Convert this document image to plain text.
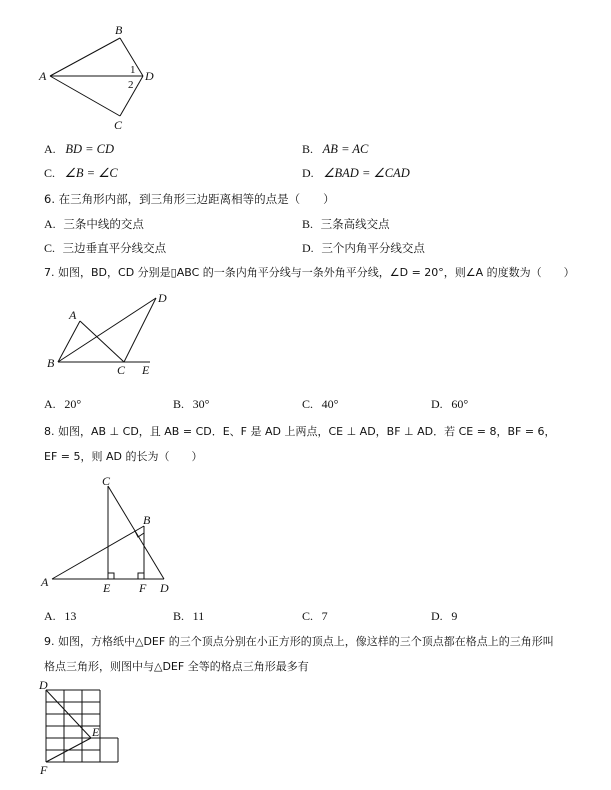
A
B
C
D
1
2
A. BD = CD	B. AB = AC
C. ∠B = ∠C	D. ∠BAD = ∠CAD
6. 在三角形内部，到三角形三边距离相等的点是（　　）
A. 三条中线的交点	B. 三条高线交点
C. 三边垂直平分线交点	D. 三个内角平分线交点
7. 如图，BD，CD 分别是▯ABC 的一条内角平分线与一条外角平分线，∠D = 20°，则∠A 的度数为（　　）
A
B	C
D
E
A. 20°	B. 30°	C. 40°	D. 60°
8. 如图，AB ⊥ CD，且 AB = CD．E、F 是 AD 上两点，CE ⊥ AD，BF ⊥ AD．若 CE = 8，BF = 6，
EF = 5，则 AD 的长为（　　）
A
B
C
D
E F
A. 13	B. 11	C. 7	D. 9
9. 如图，方格纸中△DEF 的三个顶点分别在小正方形的顶点上，像这样的三个顶点都在格点上的三角形叫
格点三角形，则图中与△DEF 全等的格点三角形最多有
D
E
F
